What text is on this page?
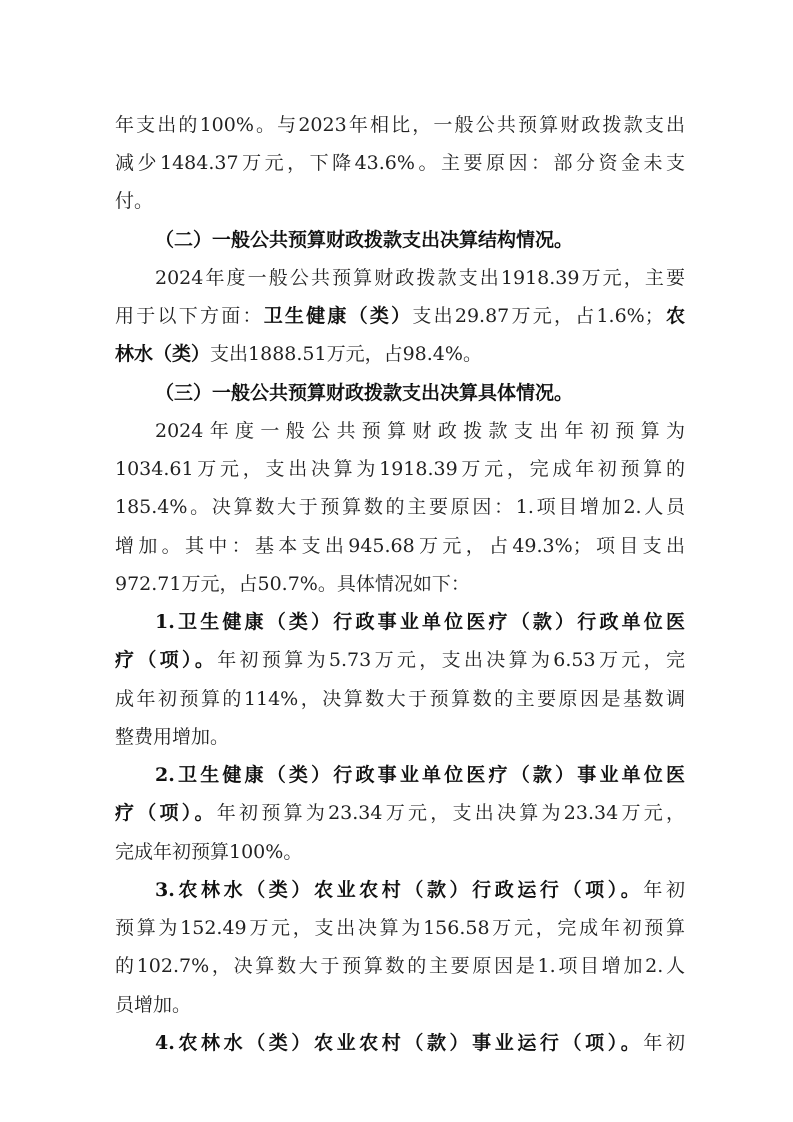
年支出的100%。与2023年相比，一般公共预算财政拨款支出
减少1484.37万元，下降43.6%。主要原因：部分资金未支
付。
（二）一般公共预算财政拨款支出决算结构情况。
2024年度一般公共预算财政拨款支出1918.39万元，主要
用于以下方面：卫生健康（类）支出29.87万元，占1.6%；农
林水（类）支出1888.51万元，占98.4%。
（三）一般公共预算财政拨款支出决算具体情况。
2024年度一般公共预算财政拨款支出年初预算为
1034.61万元，支出决算为1918.39万元，完成年初预算的
185.4%。决算数大于预算数的主要原因：1.项目增加2.人员
增加。其中：基本支出945.68万元，占49.3%；项目支出
972.71万元，占50.7%。具体情况如下：
1.卫生健康（类）行政事业单位医疗（款）行政单位医
疗（项）。年初预算为5.73万元，支出决算为6.53万元，完
成年初预算的114%，决算数大于预算数的主要原因是基数调
整费用增加。
2.卫生健康（类）行政事业单位医疗（款）事业单位医
疗（项）。年初预算为23.34万元，支出决算为23.34万元，
完成年初预算100%。
3.农林水（类）农业农村（款）行政运行（项）。年初
预算为152.49万元，支出决算为156.58万元，完成年初预算
的102.7%，决算数大于预算数的主要原因是1.项目增加2.人
员增加。
4.农林水（类）农业农村（款）事业运行（项）。年初
